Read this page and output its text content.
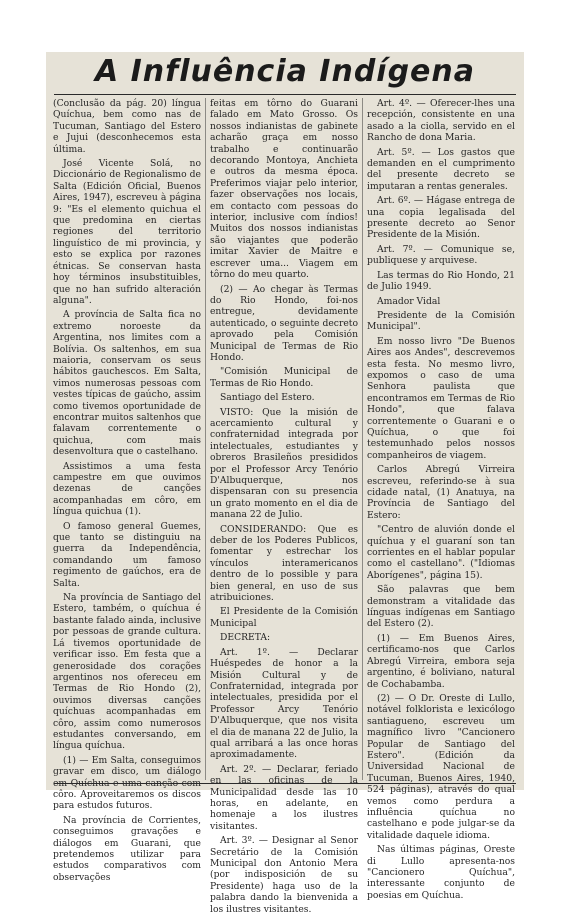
A Influência Indígena

(Conclusão da pág. 20) língua Quíchua, bem como nas de Tucuman, Santiago del Estero e Jujui (desconhecemos esta última.

José Vicente Solá, no Diccionário de Regionalismo de Salta (Edición Oficial, Buenos Aires, 1947), escreveu à página 9: "Es el elemento quichua el que predomina en ciertas regiones del territorio linguístico de mi provincia, y esto se explica por razones étnicas. Se conservan hasta hoy términos insubstituibles, que no han sufrido alteración alguna".

A província de Salta fica no extremo noroeste da Argentina, nos limites com a Bolívia. Os saltenhos, em sua maioria, conservam os seus hábitos gauchescos. Em Salta, vimos numerosas pessoas com vestes típicas de gaúcho, assim como tivemos oportunidade de encontrar muitos saltenhos que falavam correntemente o quichua, com mais desenvoltura que o castelhano.

Assistimos a uma festa campestre em que ouvimos dezenas de canções acompanhadas em côro, em língua quichua (1).

O famoso general Guemes, que tanto se distinguiu na guerra da Independência, comandando um famoso regimento de gaúchos, era de Salta.

Na província de Santiago del Estero, também, o quíchua é bastante falado ainda, inclusive por pessoas de grande cultura. Lá tivemos oportunidade de verificar isso. Em festa que a generosidade dos corações argentinos nos ofereceu em Termas de Rio Hondo (2), ouvimos diversas canções quíchuas acompanhadas em côro, assim como numerosos estudantes conversando, em língua quíchua.

(1) — Em Salta, conseguimos gravar em disco, um diálogo em Quíchua e uma canção com côro. Aproveitaremos os discos para estudos futuros.

Na província de Corrientes, conseguimos gravações e diálogos em Guarani, que pretendemos utilizar para estudos comparativos com observações

feitas em tôrno do Guarani falado em Mato Grosso. Os nossos indianistas de gabinete acharão graça em nosso trabalho e continuarão decorando Montoya, Anchieta e outros da mesma época. Preferimos viajar pelo interior, fazer observações nos locais, em contacto com pessoas do interior, inclusive com índios! Muitos dos nossos indianistas são viajantes que poderão imitar Xavier de Maitre e escrever uma... Viagem em tôrno do meu quarto.

(2) — Ao chegar às Termas do Rio Hondo, foi-nos entregue, devidamente autenticado, o seguinte decreto aprovado pela Comisión Municipal de Termas de Rio Hondo.

"Comisión Municipal de Termas de Rio Hondo.

Santiago del Estero.

VISTO: Que la misión de acercamiento cultural y confraternidad integrada por intelectuales, estudiantes y obreros Brasileños presididos por el Professor Arcy Tenório D'Albuquerque, nos dispensaran con su presencia un grato momento en el dia de manana 22 de Julio.

CONSIDERANDO: Que es deber de los Poderes Publicos, fomentar y estrechar los vínculos interamericanos dentro de lo possible y para bien general, en uso de sus atribuiciones.

El Presidente de la Comisión Municipal

DECRETA:

Art. 1º. — Declarar Huéspedes de honor a la Misión Cultural y de Confraternidad, integrada por intelectuales, presidida por el Professor Arcy Tenório D'Albuquerque, que nos visita el dia de manana 22 de Julio, la qual arribará a las once horas aproximadamente.

Art. 2º. — Declarar, feriado en las oficinas de la Municipalidad desde las 10 horas, en adelante, en homenaje a los ilustres visitantes.

Art. 3º. — Designar al Senor Secretário de la Comisión Municipal don Antonio Mera (por indisposición de su Presidente) haga uso de la palabra dando la bienvenida a los ilustres visitantes.

Art. 4º. — Oferecer-lhes una recepción, consistente en una asado a la ciolla, servido en el Rancho de dona Maria.

Art. 5º. — Los gastos que demanden en el cumprimento del presente decreto se imputaran a rentas generales.

Art. 6º. — Hágase entrega de una copia legalisada del presente decreto ao Senor Presidente de la Misión.

Art. 7º. — Comunique se, publiquese y arquivese.

Las termas do Rio Hondo, 21 de Julio 1949.

Amador Vidal

Presidente de la Comisión Municipal".

Em nosso livro "De Buenos Aires aos Andes", descrevemos esta festa. No mesmo livro, expomos o caso de uma Senhora paulista que encontramos em Termas de Rio Hondo", que falava correntemente o Guarani e o Quíchua, o que foi testemunhado pelos nossos companheiros de viagem.

Carlos Abregú Virreira escreveu, referindo-se à sua cidade natal, (1) Anatuya, na Província de Santiago del Estero:

"Centro de aluvión donde el quíchua y el guaraní son tan corrientes en el hablar popular como el castellano". ("Idiomas Aborígenes", página 15).

São palavras que bem demonstram a vitalidade das línguas indígenas em Santiago del Estero (2).

(1) — Em Buenos Aires, certificamo-nos que Carlos Abregú Virreira, embora seja argentino, é boliviano, natural de Cochabamba.

(2) — O Dr. Oreste di Lullo, notável folklorista e lexicólogo santiagueno, escreveu um magnífico livro "Cancionero Popular de Santiago del Estero". (Edición da Universidad Nacional de Tucuman, Buenos Aires, 1940, 524 páginas), através do qual vemos como perdura a influência quíchua no castelhano e pode julgar-se da vitalidade daquele idioma.

Nas últimas páginas, Oreste di Lullo apresenta-nos "Cancionero Quíchua", interessante conjunto de poesias em Quíchua.
